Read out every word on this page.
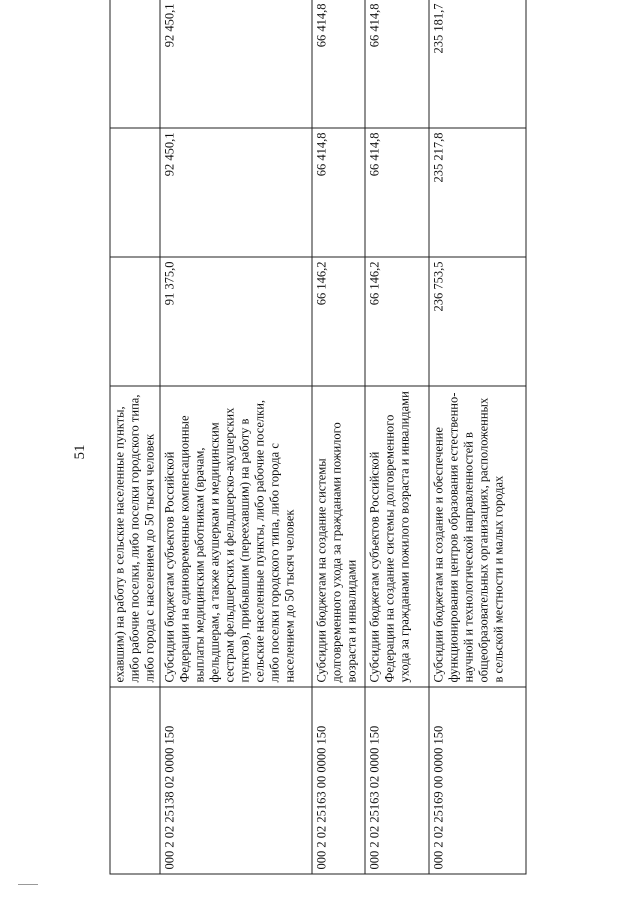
51
		ехавшим) на работу в сельские населенные пункты, либо рабочие поселки, либо поселки городского типа, либо города с населением до 50 тысяч человек			
000 2 02 25138 02 0000 150	Субсидии бюджетам субъектов Российской Федерации на единовременные компенсационные выплаты медицинским работникам (врачам, фельдшерам, а также акушеркам и медицинским сестрам фельдшерских и фельдшерско-акушерских пунктов), прибывшим (переехавшим) на работу в сельские населенные пункты, либо рабочие поселки, либо поселки городского типа, либо города с населением до 50 тысяч человек	91 375,0	92 450,1	92 450,1
000 2 02 25163 00 0000 150	Субсидии бюджетам на создание системы долговременного ухода за гражданами пожилого возраста и инвалидами	66 146,2	66 414,8	66 414,8
000 2 02 25163 02 0000 150	Субсидии бюджетам субъектов Российской Федерации на создание системы долговременного ухода за гражданами пожилого возраста и инвалидами	66 146,2	66 414,8	66 414,8
000 2 02 25169 00 0000 150	Субсидии бюджетам на создание и обеспечение функционирования центров образования естественно-научной и технологической направленностей в общеобразовательных организациях, расположенных в сельской местности и малых городах	236 753,5	235 217,8	235 181,7
